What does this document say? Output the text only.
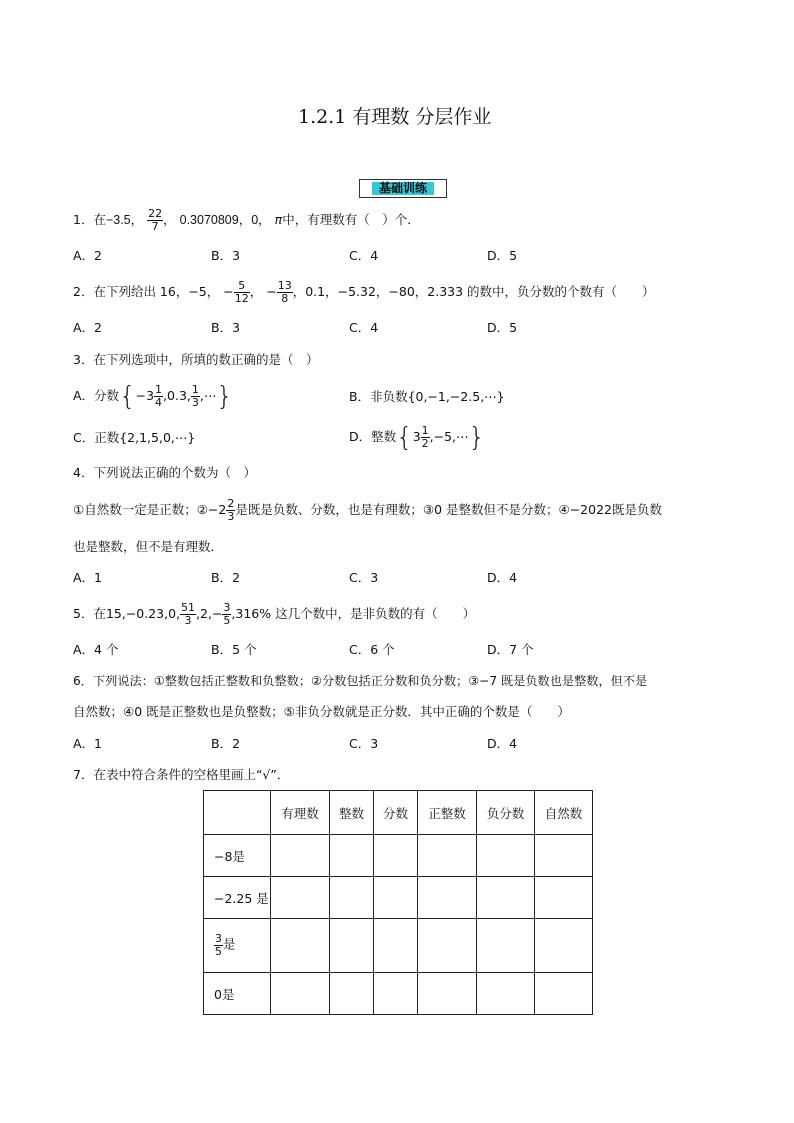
1.2.1 有理数 分层作业
基础训练
1．在−3.5， $\frac{22}{7}$ ， 0.3070809，0， π中，有理数有（　）个．
A．2	B．3	C．4	D．5
2．在下列给出 16，−5， − $\frac{5}{12}$ ， − $\frac{13}{8}$ ，0.1，−5.32，−80，2.333 的数中，负分数的个数有（　　）
A．2	B．3	C．4	D．5
3．在下列选项中，所填的数正确的是（　）
A．分数{$-3 \frac{1}{4} ,0.3$, $\frac{1}{3}$ ,⋯}	B．非负数{0,−1,−2.5,⋯}
C．正数{2,1,5,0,⋯}	D．整数{$3 \frac{1}{2}$ ,−5,⋯}
4．下列说法正确的个数为（　）
①自然数一定是正数；②−2 $\frac{2}{3}$ 是既是负数、分数，也是有理数；③0 是整数但不是分数；④−2022既是负数
也是整数，但不是有理数．
A．1	B．2	C．3	D．4
5．在15,−0.23,0, $\frac{51}{3} ,2,- \frac{3}{5} ,316\%$ 这几个数中，是非负数的有（　　）
A．4 个	B．5 个	C．6 个	D．7 个
6．下列说法：①整数包括正整数和负整数；②分数包括正分数和负分数；③−7 既是负数也是整数，但不是
自然数；④0 既是正整数也是负整数；⑤非负分数就是正分数．其中正确的个数是（　　）
A．1	B．2	C．3	D．4
7．在表中符合条件的空格里画上“√”．
	有理数	整数	分数	正整数	负分数	自然数
−8是						
−2.25 是						

$\frac{3}{5}$ 是						
0是						
